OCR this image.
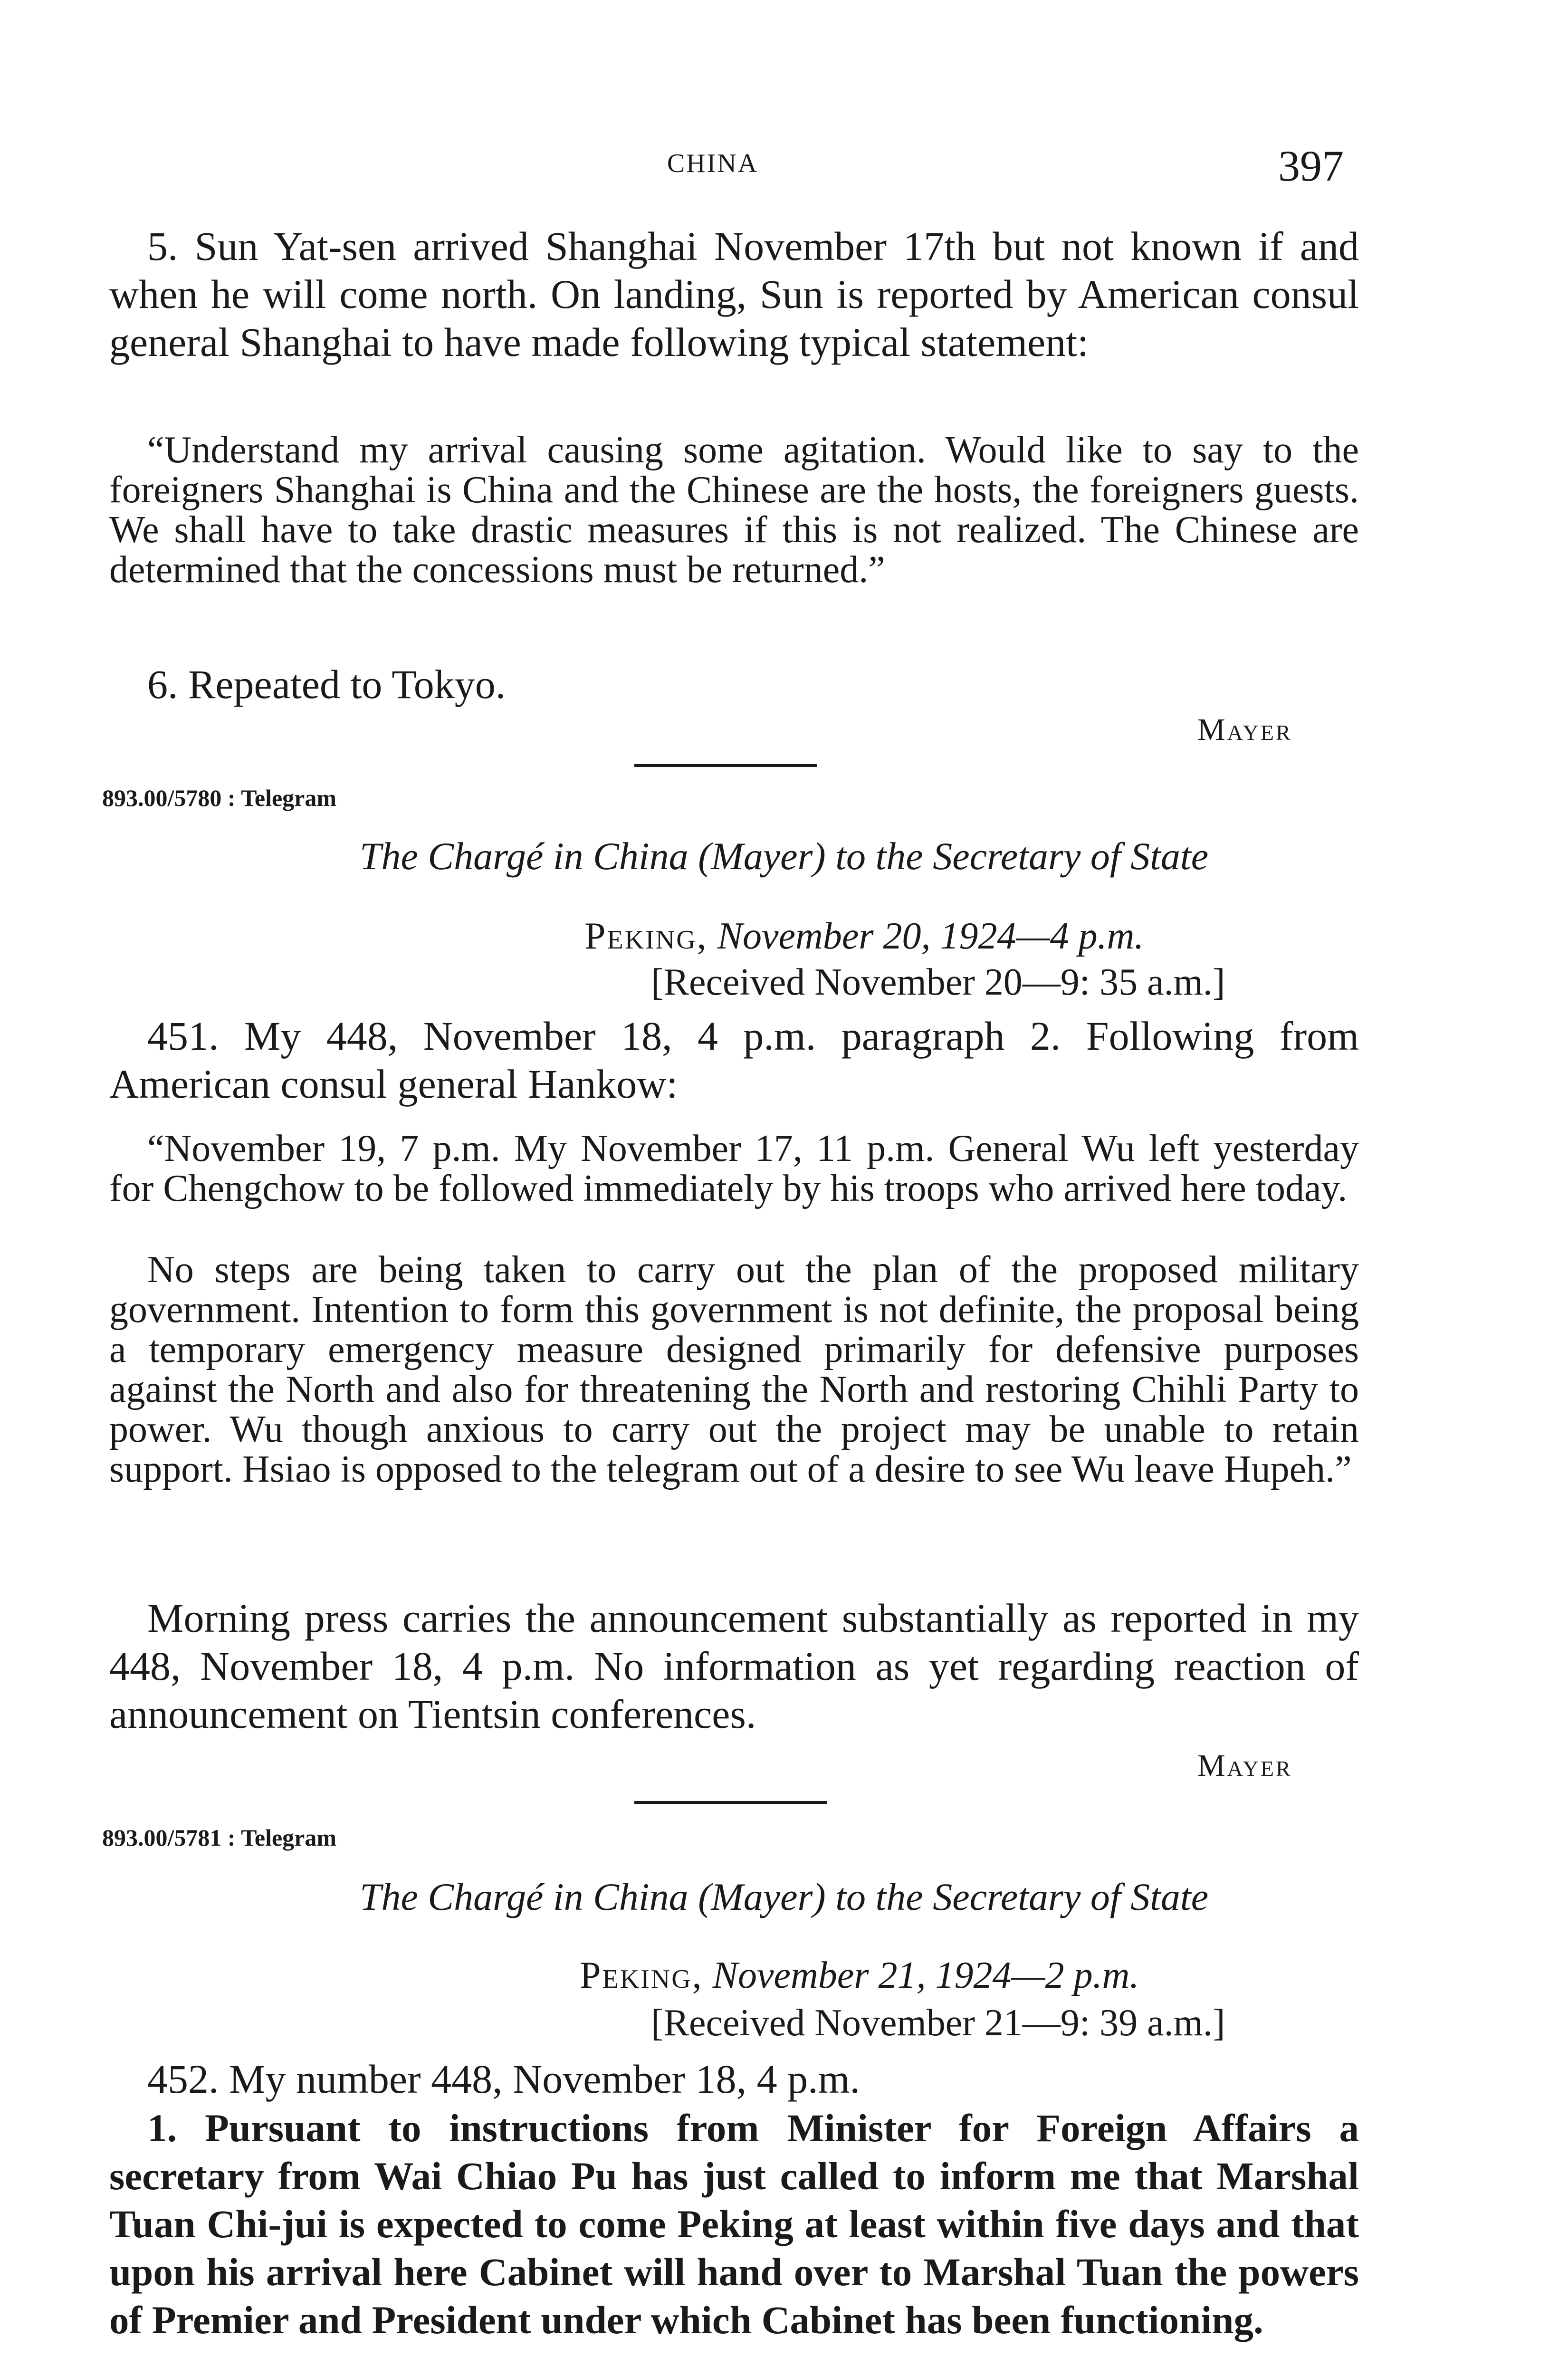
CHINA	397

5. Sun Yat-sen arrived Shanghai November 17th but not known if and when he will come north. On landing, Sun is reported by American consul general Shanghai to have made following typical statement:

“Understand my arrival causing some agitation. Would like to say to the foreigners Shanghai is China and the Chinese are the hosts, the foreigners guests. We shall have to take drastic measures if this is not realized. The Chinese are determined that the concessions must be returned.”

6. Repeated to Tokyo.

Mayer
893.00/5780 : Telegram
The Chargé in China (Mayer) to the Secretary of State
Peking, November 20, 1924—4 p.m.
[Received November 20—9: 35 a.m.]

451. My 448, November 18, 4 p.m. paragraph 2. Following from American consul general Hankow:

“November 19, 7 p.m. My November 17, 11 p.m. General Wu left yesterday for Chengchow to be followed immediately by his troops who arrived here today.

No steps are being taken to carry out the plan of the proposed military government. Intention to form this government is not definite, the proposal being a temporary emergency measure designed primarily for defensive purposes against the North and also for threatening the North and restoring Chihli Party to power. Wu though anxious to carry out the project may be unable to retain support. Hsiao is opposed to the telegram out of a desire to see Wu leave Hupeh.”

Morning press carries the announcement substantially as reported in my 448, November 18, 4 p.m. No information as yet regarding reaction of announcement on Tientsin conferences.

Mayer
893.00/5781 : Telegram
The Chargé in China (Mayer) to the Secretary of State
Peking, November 21, 1924—2 p.m.
[Received November 21—9: 39 a.m.]

452. My number 448, November 18, 4 p.m.

1. Pursuant to instructions from Minister for Foreign Affairs a secretary from Wai Chiao Pu has just called to inform me that Marshal Tuan Chi-jui is expected to come Peking at least within five days and that upon his arrival here Cabinet will hand over to Marshal Tuan the powers of Premier and President under which Cabinet has been functioning.
